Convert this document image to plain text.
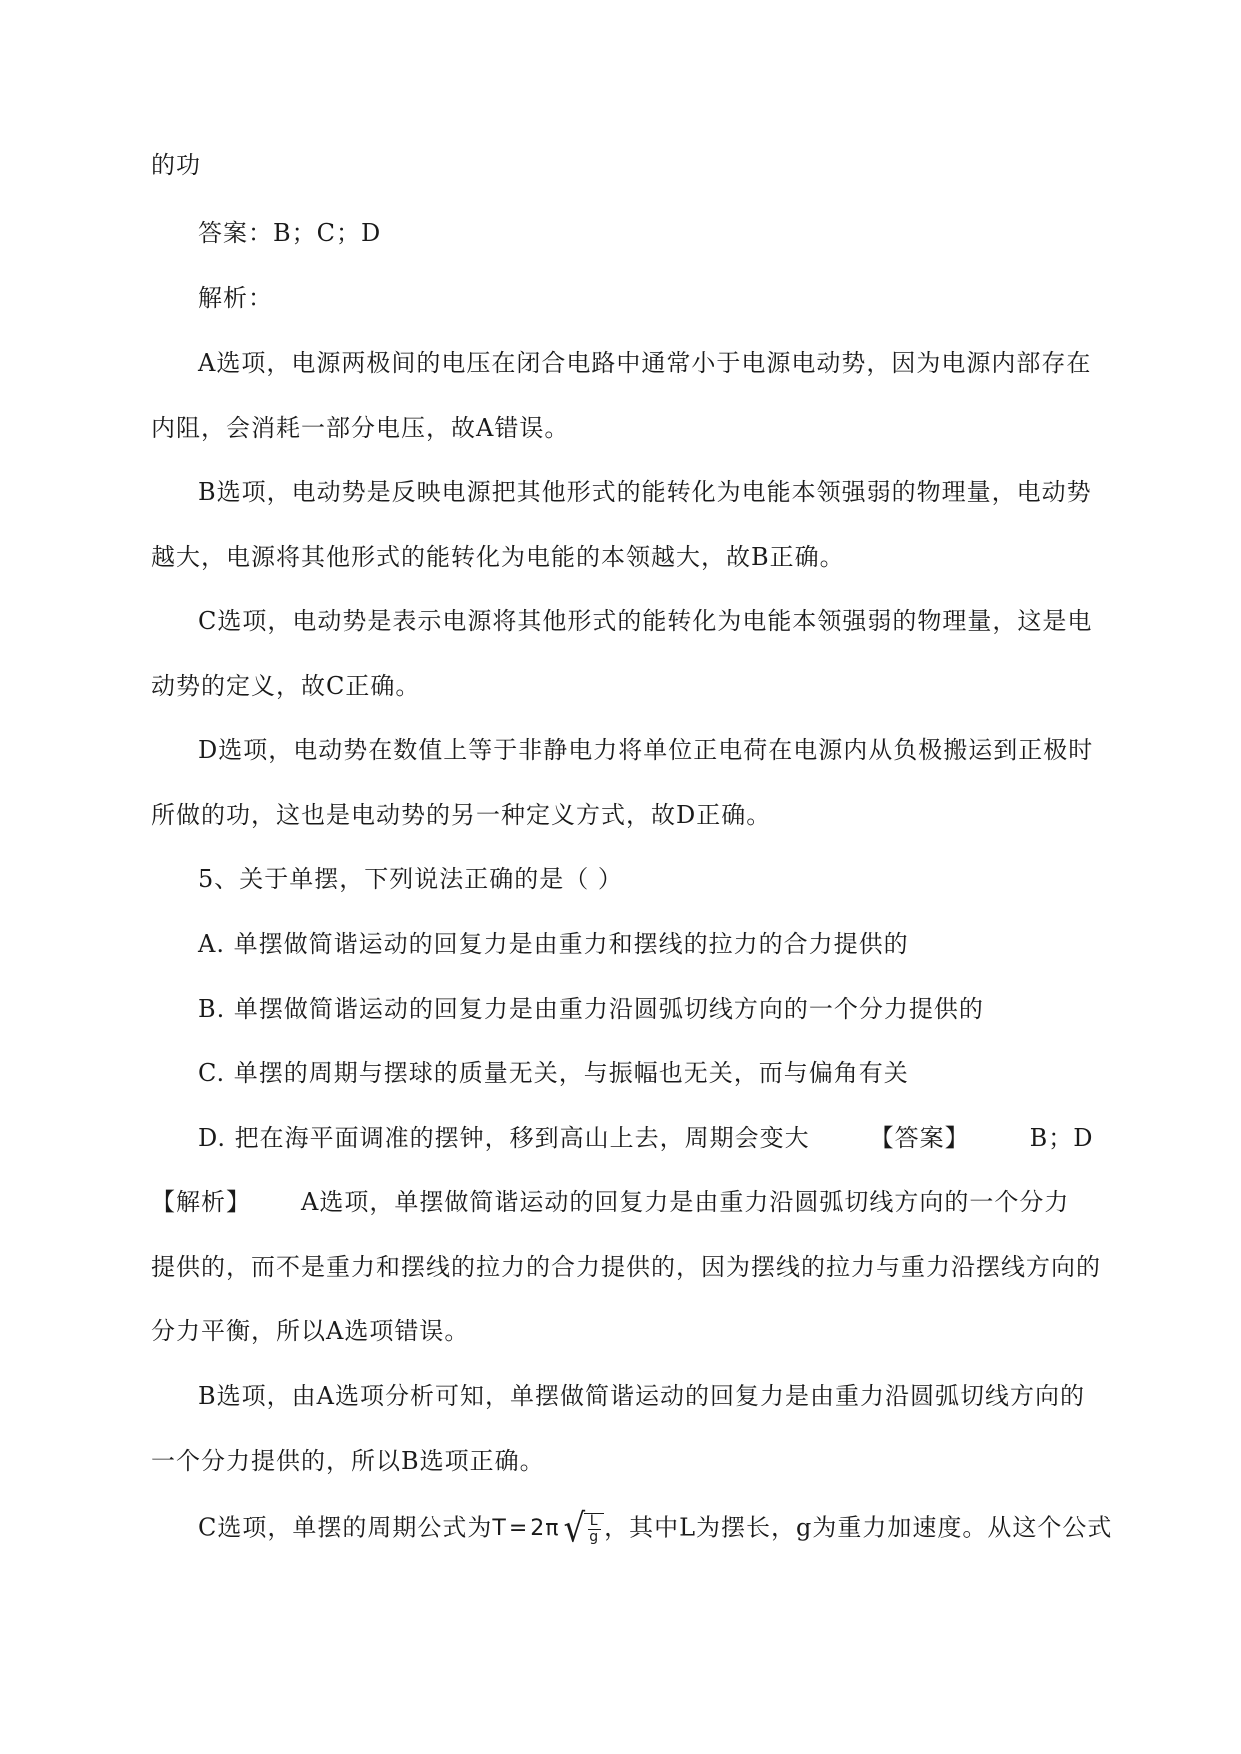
的功
答案：B；C；D
解析：
A选项，电源两极间的电压在闭合电路中通常小于电源电动势，因为电源内部存在
内阻，会消耗一部分电压，故A错误。
B选项，电动势是反映电源把其他形式的能转化为电能本领强弱的物理量，电动势
越大，电源将其他形式的能转化为电能的本领越大，故B正确。
C选项，电动势是表示电源将其他形式的能转化为电能本领强弱的物理量，这是电
动势的定义，故C正确。
D选项，电动势在数值上等于非静电力将单位正电荷在电源内从负极搬运到正极时
所做的功，这也是电动势的另一种定义方式，故D正确。
5、关于单摆，下列说法正确的是（ ）
A. 单摆做简谐运动的回复力是由重力和摆线的拉力的合力提供的
B. 单摆做简谐运动的回复力是由重力沿圆弧切线方向的一个分力提供的
C. 单摆的周期与摆球的质量无关，与振幅也无关，而与偏角有关
D. 把在海平面调准的摆钟，移到高山上去，周期会变大	【答案】	B；D
【解析】 A选项，单摆做简谐运动的回复力是由重力沿圆弧切线方向的一个分力
提供的，而不是重力和摆线的拉力的合力提供的，因为摆线的拉力与重力沿摆线方向的
分力平衡，所以A选项错误。
B选项，由A选项分析可知，单摆做简谐运动的回复力是由重力沿圆弧切线方向的
一个分力提供的，所以B选项正确。
C选项，单摆的周期公式为 T = 2π √
$\frac{L}{g}$ ，其中L为摆长，g为重力加速度。从这个公式
